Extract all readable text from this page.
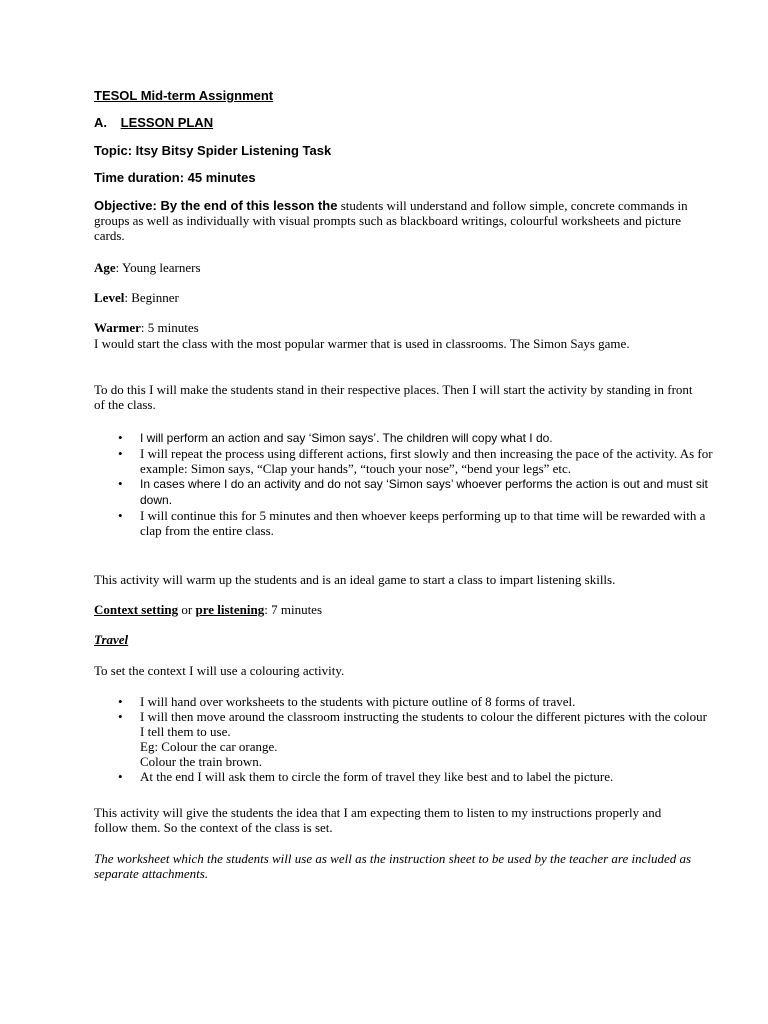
TESOL Mid-term Assignment
A. LESSON PLAN
Topic: Itsy Bitsy Spider Listening Task
Time duration: 45 minutes
Objective: By the end of this lesson the students will understand and follow simple, concrete commands in groups as well as individually with visual prompts such as blackboard writings, colourful worksheets and picture cards.
Age: Young learners
Level: Beginner
Warmer: 5 minutes
I would start the class with the most popular warmer that is used in classrooms. The Simon Says game.
To do this I will make the students stand in their respective places. Then I will start the activity by standing in front of the class.
• I will perform an action and say ‘Simon says’. The children will copy what I do.
• I will repeat the process using different actions, first slowly and then increasing the pace of the activity. As for example: Simon says, “Clap your hands”, “touch your nose”, “bend your legs” etc.
• In cases where I do an activity and do not say ‘Simon says’ whoever performs the action is out and must sit down.
• I will continue this for 5 minutes and then whoever keeps performing up to that time will be rewarded with a clap from the entire class.
This activity will warm up the students and is an ideal game to start a class to impart listening skills.
Context setting or pre listening: 7 minutes
Travel
To set the context I will use a colouring activity.
• I will hand over worksheets to the students with picture outline of 8 forms of travel.
• I will then move around the classroom instructing the students to colour the different pictures with the colour I tell them to use.
Eg: Colour the car orange.
Colour the train brown.
• At the end I will ask them to circle the form of travel they like best and to label the picture.
This activity will give the students the idea that I am expecting them to listen to my instructions properly and follow them. So the context of the class is set.
The worksheet which the students will use as well as the instruction sheet to be used by the teacher are included as separate attachments.
